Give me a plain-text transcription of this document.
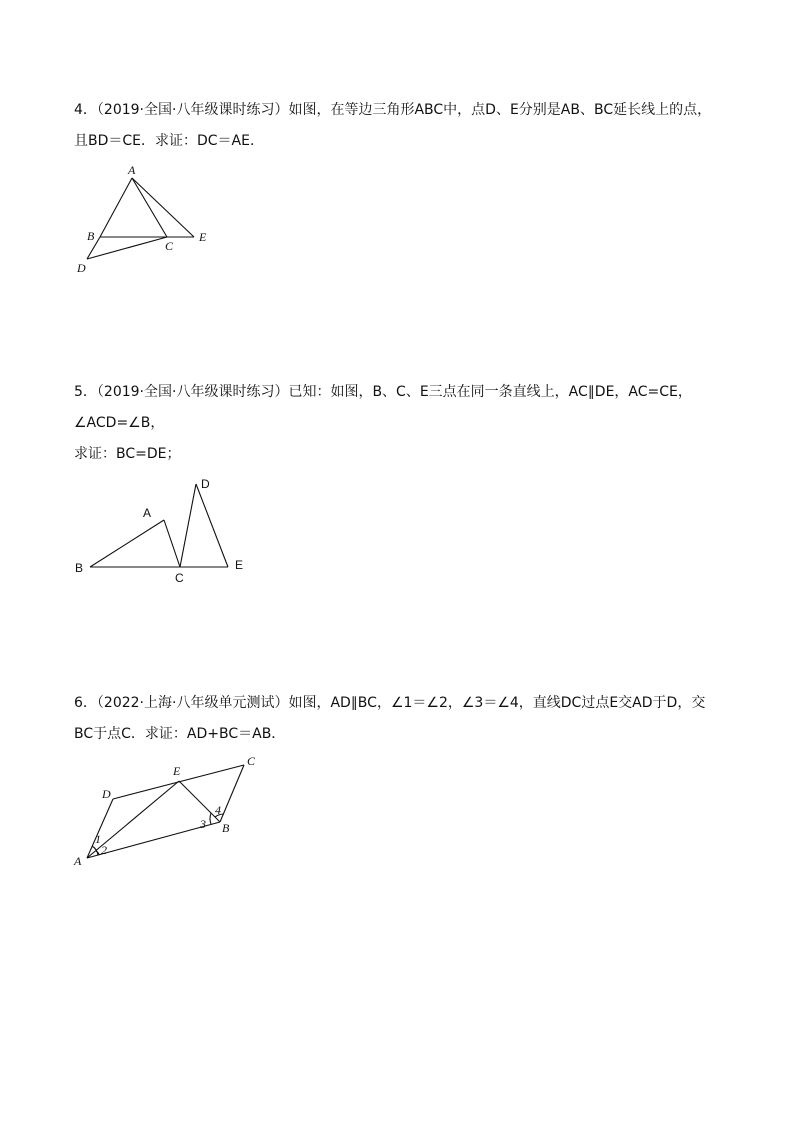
4．（2019·全国·八年级课时练习）如图，在等边三角形ABC中，点D、E分别是AB、BC延长线上的点，

且BD＝CE．求证：DC＝AE．

A
B
C
D
E

5．（2019·全国·八年级课时练习）已知：如图，B、C、E三点在同一条直线上，AC∥DE，AC=CE，

∠ACD=∠B，

求证：BC=DE；

A
B
C
D
E

6．（2022·上海·八年级单元测试）如图，AD∥BC，∠1＝∠2，∠3＝∠4，直线DC过点E交AD于D，交

BC于点C．求证：AD+BC＝AB．

A
B
C
D
E
1
2
3
4
